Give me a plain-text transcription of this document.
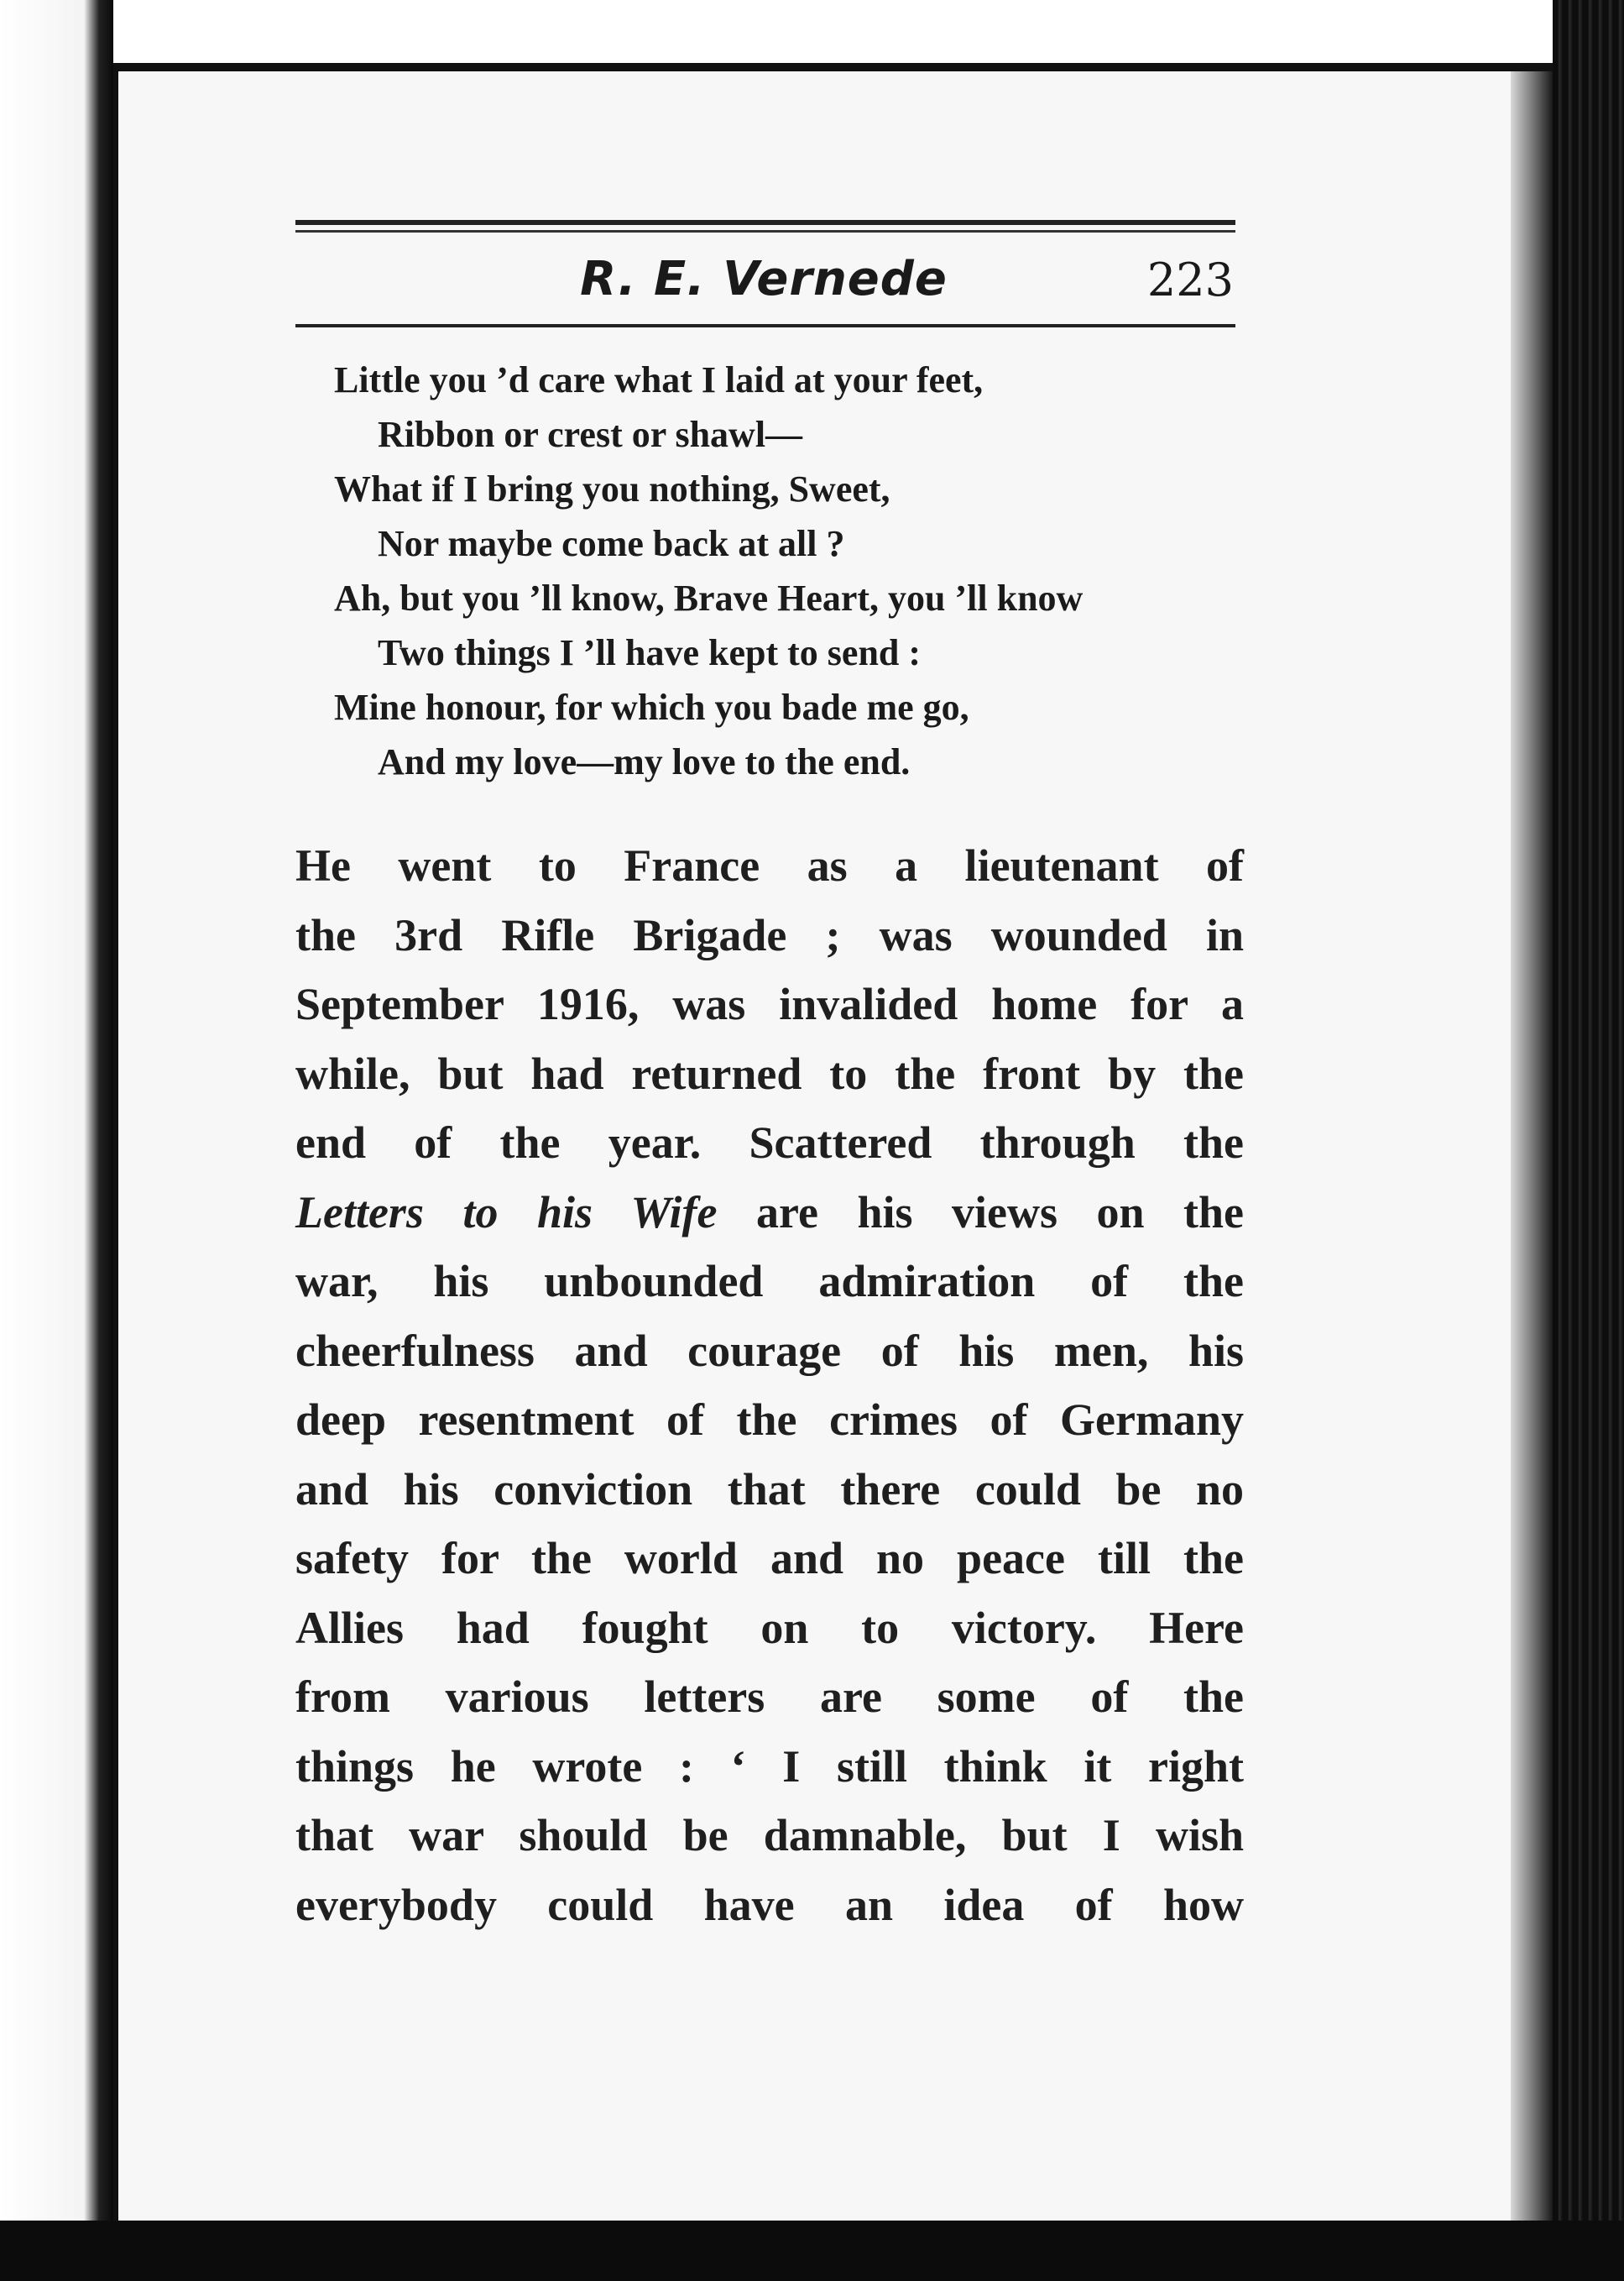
R. E. Vernede	223
Little you ’d care what I laid at your feet,
Ribbon or crest or shawl—
What if I bring you nothing, Sweet,
Nor maybe come back at all ?
Ah, but you ’ll know, Brave Heart, you ’ll know
Two things I ’ll have kept to send :
Mine honour, for which you bade me go,
And my love—my love to the end.
He went to France as a lieutenant of
the 3rd Rifle Brigade ; was wounded in
September 1916, was invalided home for a
while, but had returned to the front by the
end of the year. Scattered through the
Letters to his Wife are his views on the
war, his unbounded admiration of the
cheerfulness and courage of his men, his
deep resentment of the crimes of Germany
and his conviction that there could be no
safety for the world and no peace till the
Allies had fought on to victory. Here
from various letters are some of the
things he wrote : ‘ I still think it right
that war should be damnable, but I wish
everybody could have an idea of how
